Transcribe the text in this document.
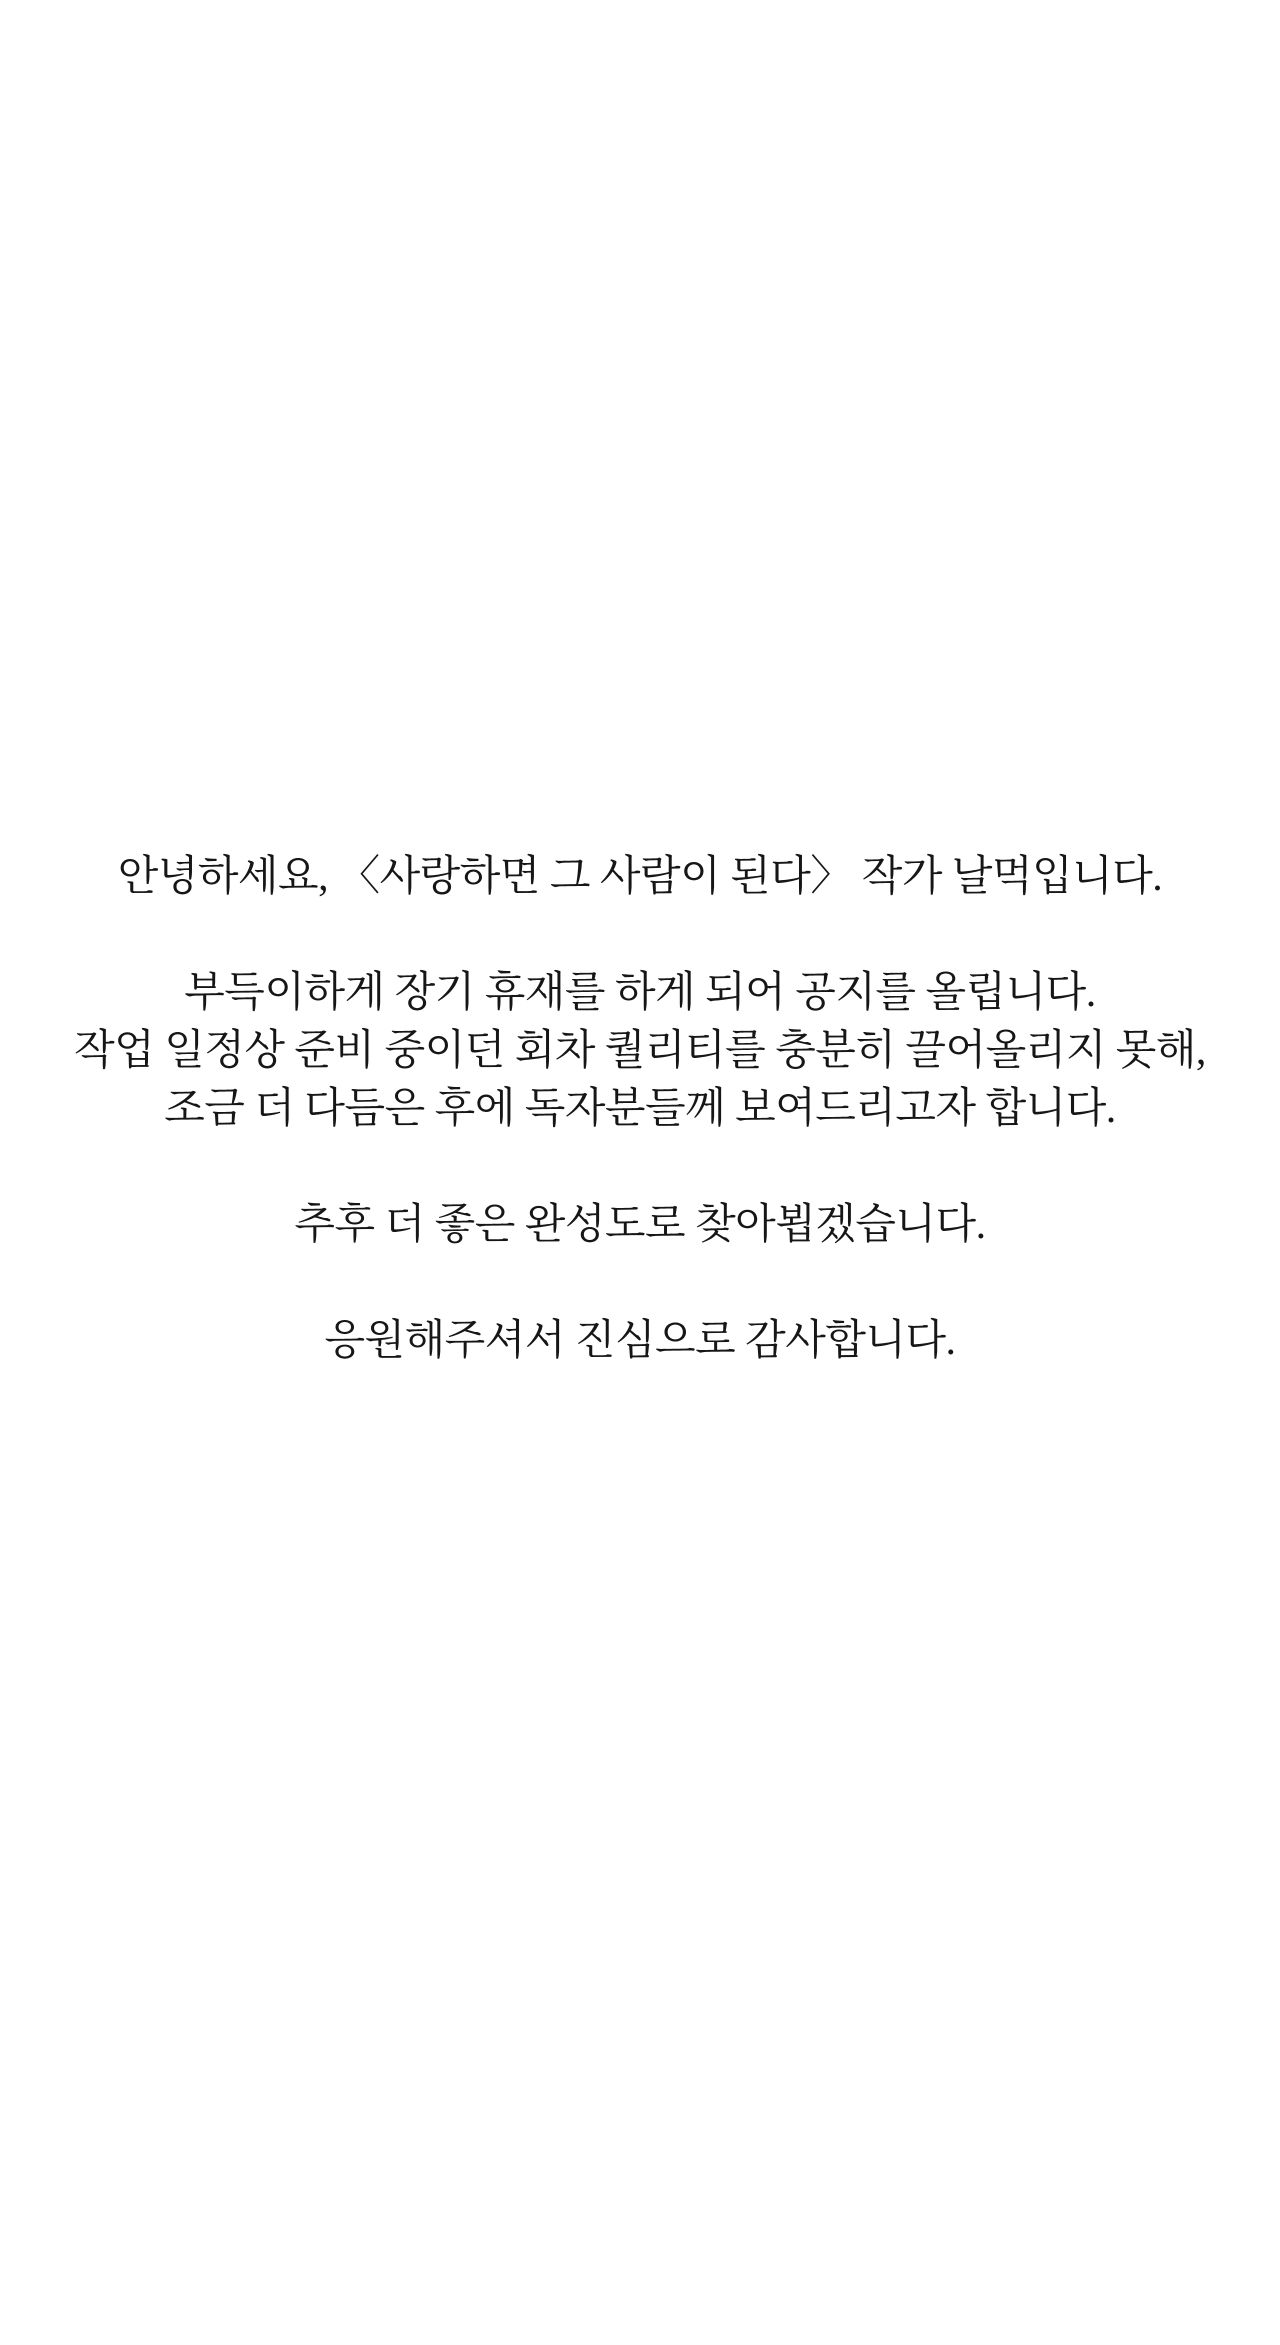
안녕하세요, 〈사랑하면 그 사람이 된다〉 작가 날먹입니다.
부득이하게 장기 휴재를 하게 되어 공지를 올립니다.
작업 일정상 준비 중이던 회차 퀄리티를 충분히 끌어올리지 못해,
조금 더 다듬은 후에 독자분들께 보여드리고자 합니다.
추후 더 좋은 완성도로 찾아뵙겠습니다.
응원해주셔서 진심으로 감사합니다.
